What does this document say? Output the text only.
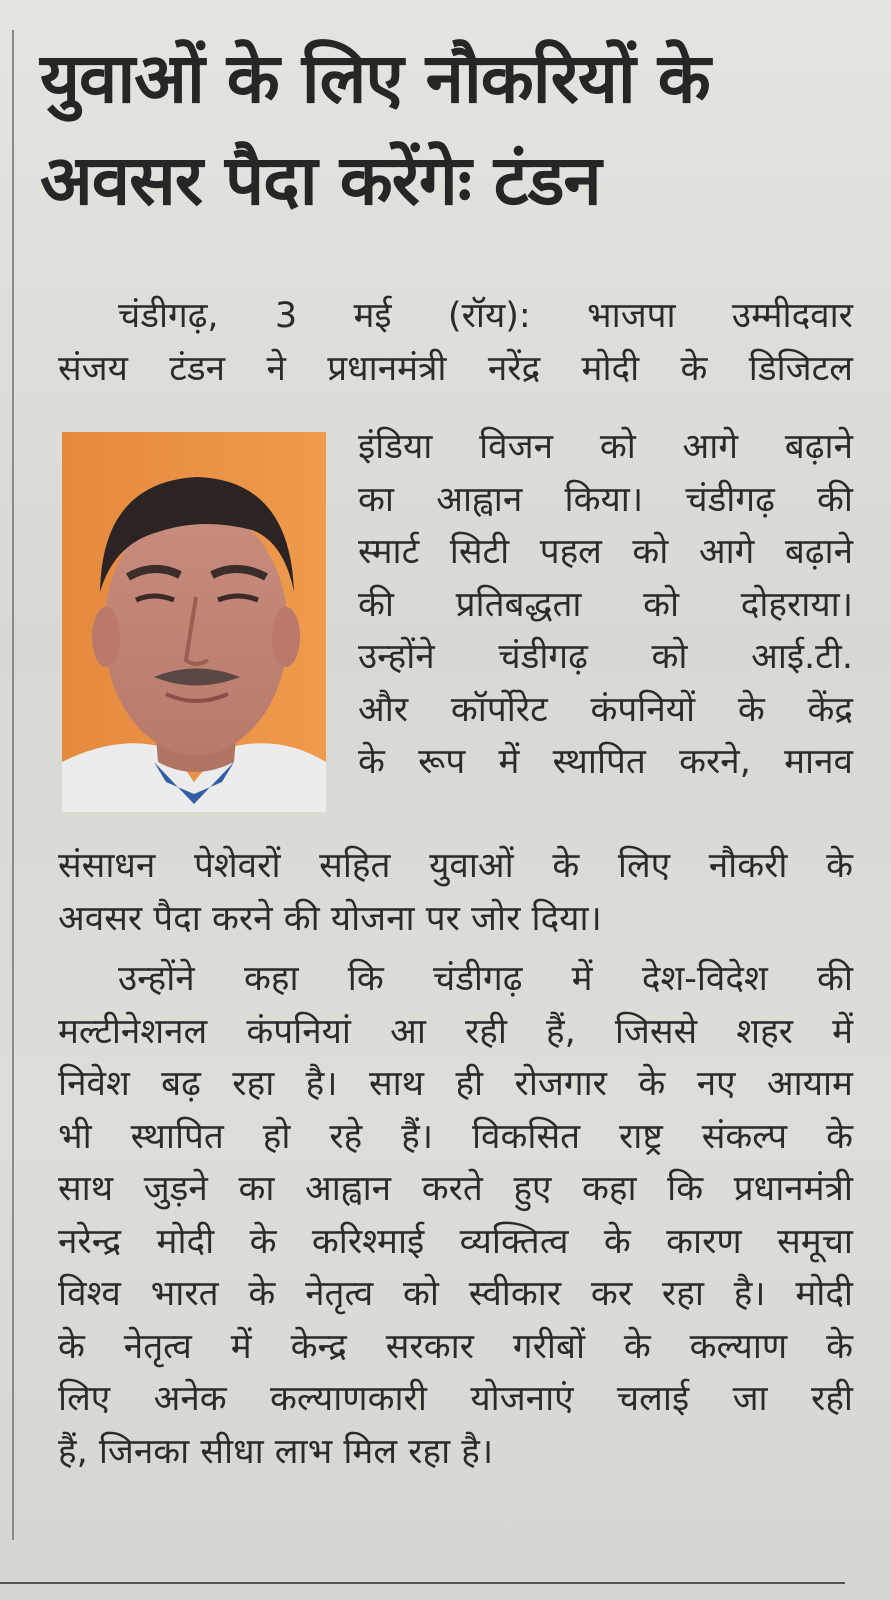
युवाओं के लिए नौकरियों के
अवसर पैदा करेंगेः टंडन

चंडीगढ़, 3 मई (रॉय): भाजपा उम्मीदवार
संजय टंडन ने प्रधानमंत्री नरेंद्र मोदी के डिजिटल

इंडिया विजन को आगे बढ़ाने
का आह्वान किया। चंडीगढ़ की
स्मार्ट सिटी पहल को आगे बढ़ाने
की प्रतिबद्धता को दोहराया।
उन्होंने चंडीगढ़ को आई.टी.
और कॉर्पोरेट कंपनियों के केंद्र
के रूप में स्थापित करने, मानव

संसाधन पेशेवरों सहित युवाओं के लिए नौकरी के
अवसर पैदा करने की योजना पर जोर दिया।

उन्होंने कहा कि चंडीगढ़ में देश-विदेश की
मल्टीनेशनल कंपनियां आ रही हैं, जिससे शहर में
निवेश बढ़ रहा है। साथ ही रोजगार के नए आयाम
भी स्थापित हो रहे हैं। विकसित राष्ट्र संकल्प के
साथ जुड़ने का आह्वान करते हुए कहा कि प्रधानमंत्री
नरेन्द्र मोदी के करिश्माई व्यक्तित्व के कारण समूचा
विश्व भारत के नेतृत्व को स्वीकार कर रहा है। मोदी
के नेतृत्व में केन्द्र सरकार गरीबों के कल्याण के
लिए अनेक कल्याणकारी योजनाएं चलाई जा रही
हैं, जिनका सीधा लाभ मिल रहा है।
